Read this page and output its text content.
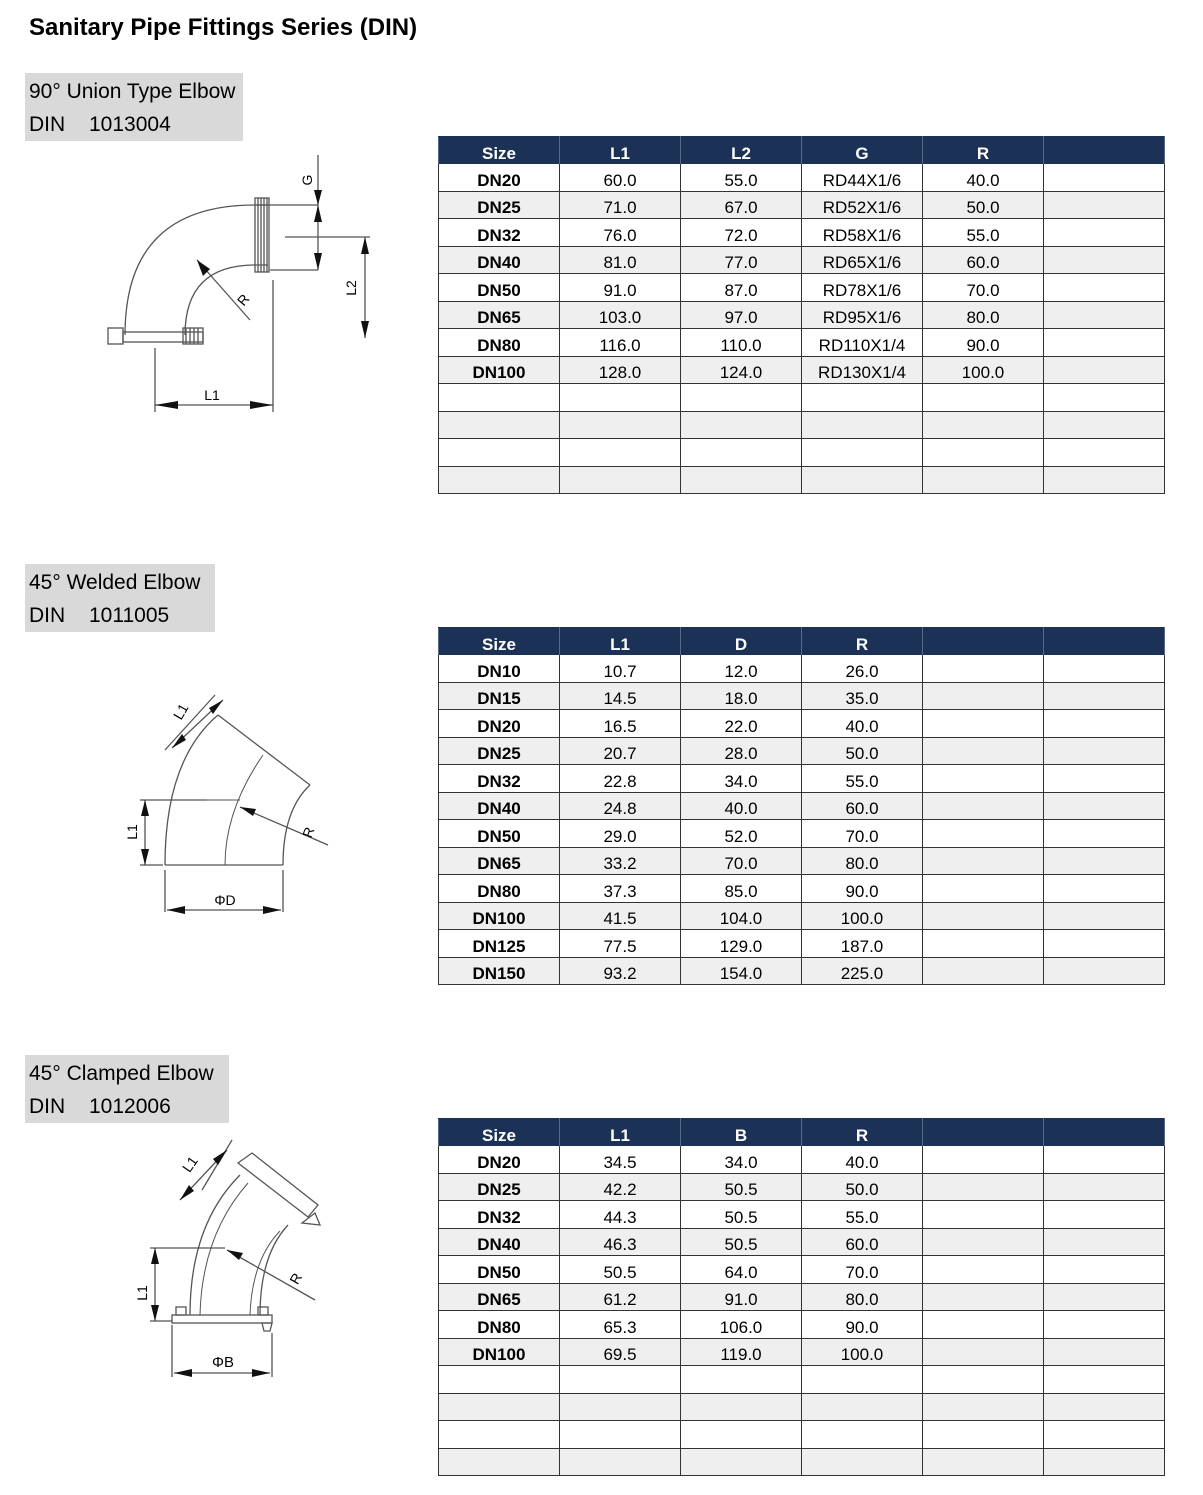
Sanitary Pipe Fittings Series (DIN)
90° Union Type Elbow
DIN 1013004
G
L2
R
L1
Size	L1	L2	G	R	
DN20	60.0	55.0	RD44X1/6	40.0	
DN25	71.0	67.0	RD52X1/6	50.0	
DN32	76.0	72.0	RD58X1/6	55.0	
DN40	81.0	77.0	RD65X1/6	60.0	
DN50	91.0	87.0	RD78X1/6	70.0	
DN65	103.0	97.0	RD95X1/6	80.0	
DN80	116.0	110.0	RD110X1/4	90.0	
DN100	128.0	124.0	RD130X1/4	100.0	

45° Welded Elbow
DIN 1011005
L1
L1	R
ΦD
Size	L1	D	R		
DN10	10.7	12.0	26.0		
DN15	14.5	18.0	35.0		
DN20	16.5	22.0	40.0		
DN25	20.7	28.0	50.0		
DN32	22.8	34.0	55.0		
DN40	24.8	40.0	60.0		
DN50	29.0	52.0	70.0		
DN65	33.2	70.0	80.0		
DN80	37.3	85.0	90.0		
DN100	41.5	104.0	100.0		
DN125	77.5	129.0	187.0		
DN150	93.2	154.0	225.0		
45° Clamped Elbow
DIN 1012006
L1
L1
R
ΦB
Size	L1	B	R		
DN20	34.5	34.0	40.0		
DN25	42.2	50.5	50.0		
DN32	44.3	50.5	55.0		
DN40	46.3	50.5	60.0		
DN50	50.5	64.0	70.0		
DN65	61.2	91.0	80.0		
DN80	65.3	106.0	90.0		
DN100	69.5	119.0	100.0		
